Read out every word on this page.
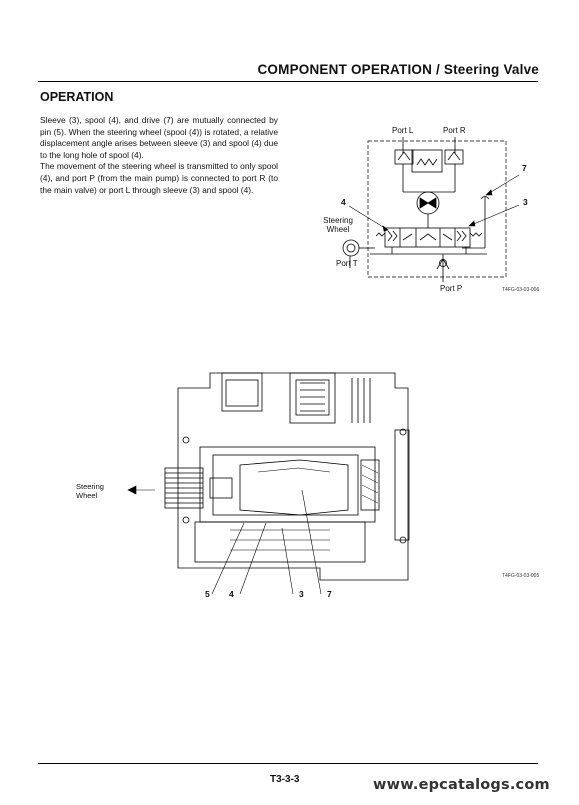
COMPONENT OPERATION / Steering Valve
OPERATION

Sleeve (3), spool (4), and drive (7) are mutually connected by pin (5). When the steering wheel (spool (4)) is rotated, a relative displacement angle arises between sleeve (3) and spool (4) due to the long hole of spool (4).

The movement of the steering wheel is transmitted to only spool (4), and port P (from the main pump) is connected to port R (to the main valve) or port L through sleeve (3) and spool (4).

Port L	Port R
Steering Wheel
Port T
Port P
7
4	3
T4FG-03-03-006
Steering Wheel
5 4	3	7
T4FG-03-03-005
T3-3-3	www.epcatalogs.com
